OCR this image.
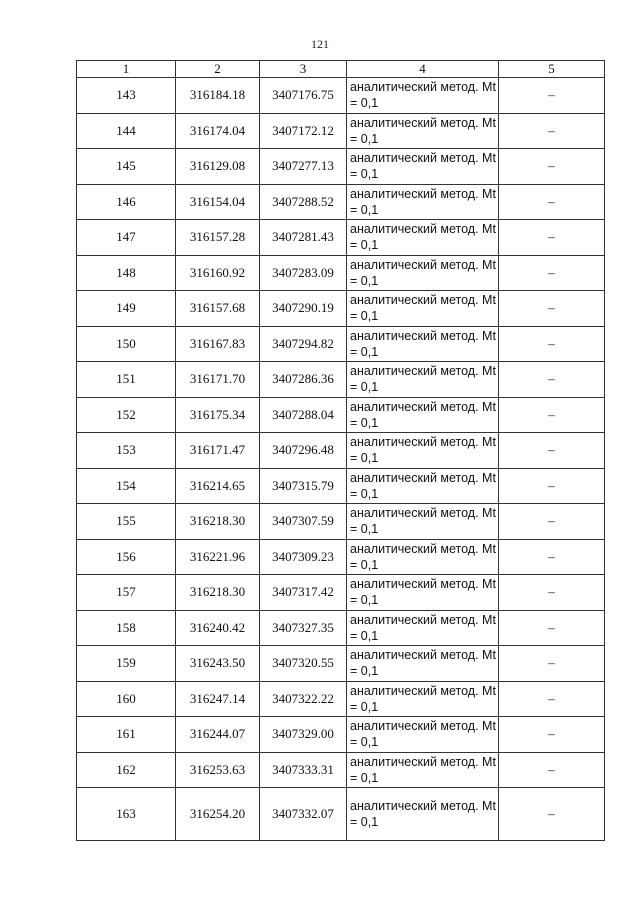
121
1	2	3	4	5
143	316184.18	3407176.75	аналитический метод. Mt = 0,1	–
144	316174.04	3407172.12	аналитический метод. Mt = 0,1	–
145	316129.08	3407277.13	аналитический метод. Mt = 0,1	–
146	316154.04	3407288.52	аналитический метод. Mt = 0,1	–
147	316157.28	3407281.43	аналитический метод. Mt = 0,1	–
148	316160.92	3407283.09	аналитический метод. Mt = 0,1	–
149	316157.68	3407290.19	аналитический метод. Mt = 0,1	–
150	316167.83	3407294.82	аналитический метод. Mt = 0,1	–
151	316171.70	3407286.36	аналитический метод. Mt = 0,1	–
152	316175.34	3407288.04	аналитический метод. Mt = 0,1	–
153	316171.47	3407296.48	аналитический метод. Mt = 0,1	–
154	316214.65	3407315.79	аналитический метод. Mt = 0,1	–
155	316218.30	3407307.59	аналитический метод. Mt = 0,1	–
156	316221.96	3407309.23	аналитический метод. Mt = 0,1	–
157	316218.30	3407317.42	аналитический метод. Mt = 0,1	–
158	316240.42	3407327.35	аналитический метод. Mt = 0,1	–
159	316243.50	3407320.55	аналитический метод. Mt = 0,1	–
160	316247.14	3407322.22	аналитический метод. Mt = 0,1	–
161	316244.07	3407329.00	аналитический метод. Mt = 0,1	–
162	316253.63	3407333.31	аналитический метод. Mt = 0,1	–
163	316254.20	3407332.07	аналитический метод. Mt = 0,1	–
